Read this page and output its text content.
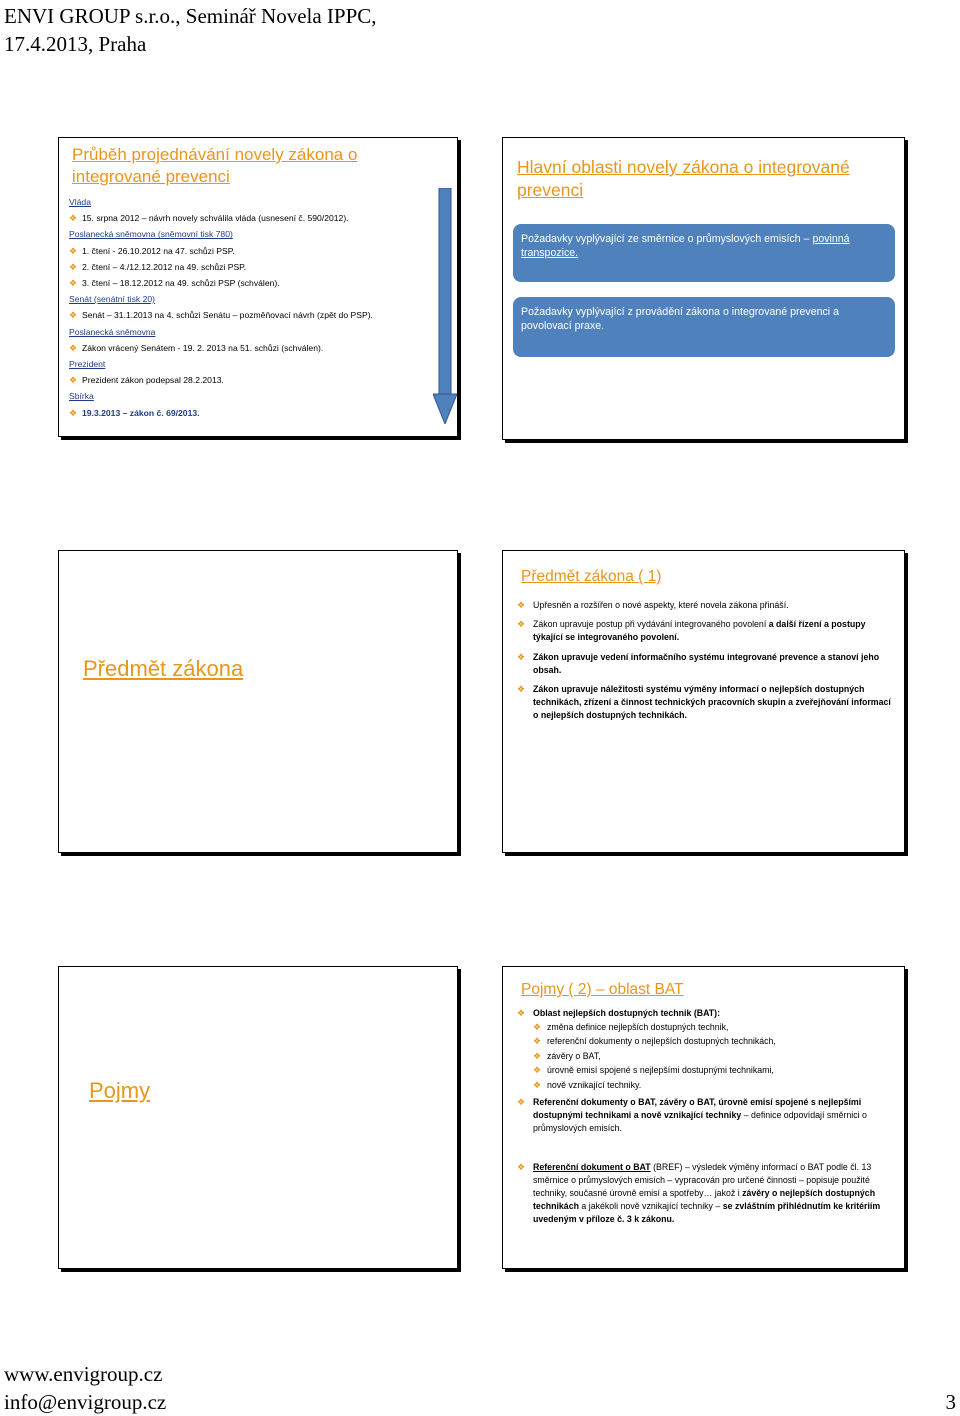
ENVI GROUP s.r.o., Seminář Novela IPPC,
17.4.2013, Praha
Průběh projednávání novely zákona o integrované prevenci
Vláda
❖ 15. srpna 2012 – návrh novely schválila vláda (usnesení č. 590/2012).
Poslanecká sněmovna (sněmovní tisk 780)
❖ 1. čtení - 26.10.2012 na 47. schůzi PSP.
❖ 2. čtení – 4./12.12.2012 na 49. schůzi PSP.
❖ 3. čtení – 18.12.2012 na 49. schůzi PSP (schválen).
Senát (senátní tisk 20)
❖ Senát – 31.1.2013 na 4. schůzi Senátu – pozměňovací návrh (zpět do PSP).
Poslanecká sněmovna
❖ Zákon vrácený Senátem - 19. 2. 2013 na 51. schůzi (schválen).
Prezident
❖ Prezident zákon podepsal 28.2.2013.
Sbírka
❖ 19.3.2013 – zákon č. 69/2013.
Hlavní oblasti novely zákona o integrované prevenci
Požadavky vyplývající ze směrnice o průmyslových emisích – povinná transpozice.
Požadavky vyplývající z provádění zákona o integrované prevenci a povolovací praxe.
Předmět zákona
Předmět zákona ( 1)
❖ Upřesněn a rozšířen o nové aspekty, které novela zákona přináší.
❖ Zákon upravuje postup při vydávání integrovaného povolení a další řízení a postupy týkající se integrovaného povolení.
❖ Zákon upravuje vedení informačního systému integrované prevence a stanoví jeho obsah.
❖ Zákon upravuje náležitosti systému výměny informací o nejlepších dostupných technikách, zřízení a činnost technických pracovních skupin a zveřejňování informací o nejlepších dostupných technikách.
Pojmy
Pojmy ( 2) – oblast BAT
❖ Oblast nejlepších dostupných technik (BAT):
❖ změna definice nejlepších dostupných technik,
❖ referenční dokumenty o nejlepších dostupných technikách,
❖ závěry o BAT,
❖ úrovně emisí spojené s nejlepšími dostupnými technikami,
❖ nově vznikající techniky.
❖ Referenční dokumenty o BAT, závěry o BAT, úrovně emisí spojené s nejlepšími dostupnými technikami a nově vznikající techniky – definice odpovídají směrnici o průmyslových emisích.
❖ Referenční dokument o BAT (BREF) – výsledek výměny informací o BAT podle čl. 13 směrnice o průmyslových emisích – vypracován pro určené činnosti – popisuje použité techniky, současné úrovně emisí a spotřeby… jakož i závěry o nejlepších dostupných technikách a jakékoli nově vznikající techniky – se zvláštním přihlédnutím ke kritériím uvedeným v příloze č. 3 k zákonu.
www.envigroup.cz
info@envigroup.cz	3
